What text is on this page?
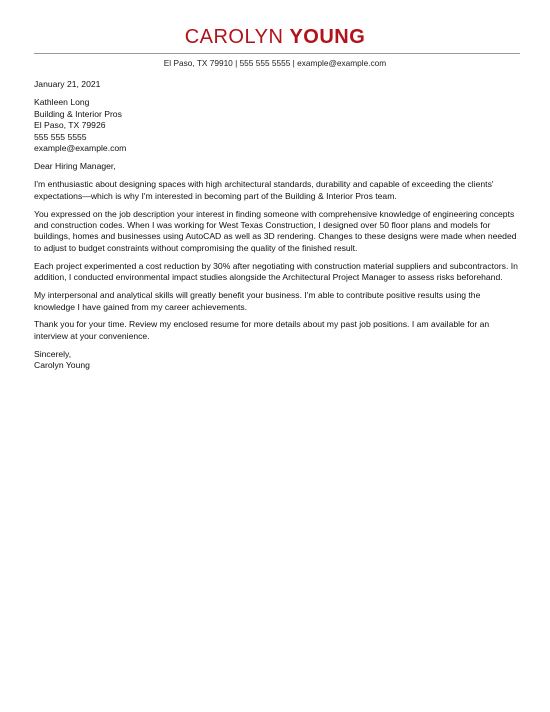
CAROLYN YOUNG
El Paso, TX 79910 | 555 555 5555 | example@example.com

January 21, 2021

Kathleen Long
Building & Interior Pros
El Paso, TX 79926
555 555 5555
example@example.com

Dear Hiring Manager,

I'm enthusiastic about designing spaces with high architectural standards, durability and capable of exceeding the clients' expectations—which is why I'm interested in becoming part of the Building & Interior Pros team.

You expressed on the job description your interest in finding someone with comprehensive knowledge of engineering concepts and construction codes. When I was working for West Texas Construction, I designed over 50 floor plans and models for buildings, homes and businesses using AutoCAD as well as 3D rendering. Changes to these designs were made when needed to adjust to budget constraints without compromising the quality of the finished result.

Each project experimented a cost reduction by 30% after negotiating with construction material suppliers and subcontractors. In addition, I conducted environmental impact studies alongside the Architectural Project Manager to assess risks beforehand.

My interpersonal and analytical skills will greatly benefit your business. I'm able to contribute positive results using the knowledge I have gained from my career achievements.

Thank you for your time. Review my enclosed resume for more details about my past job positions. I am available for an interview at your convenience.

Sincerely,
Carolyn Young
